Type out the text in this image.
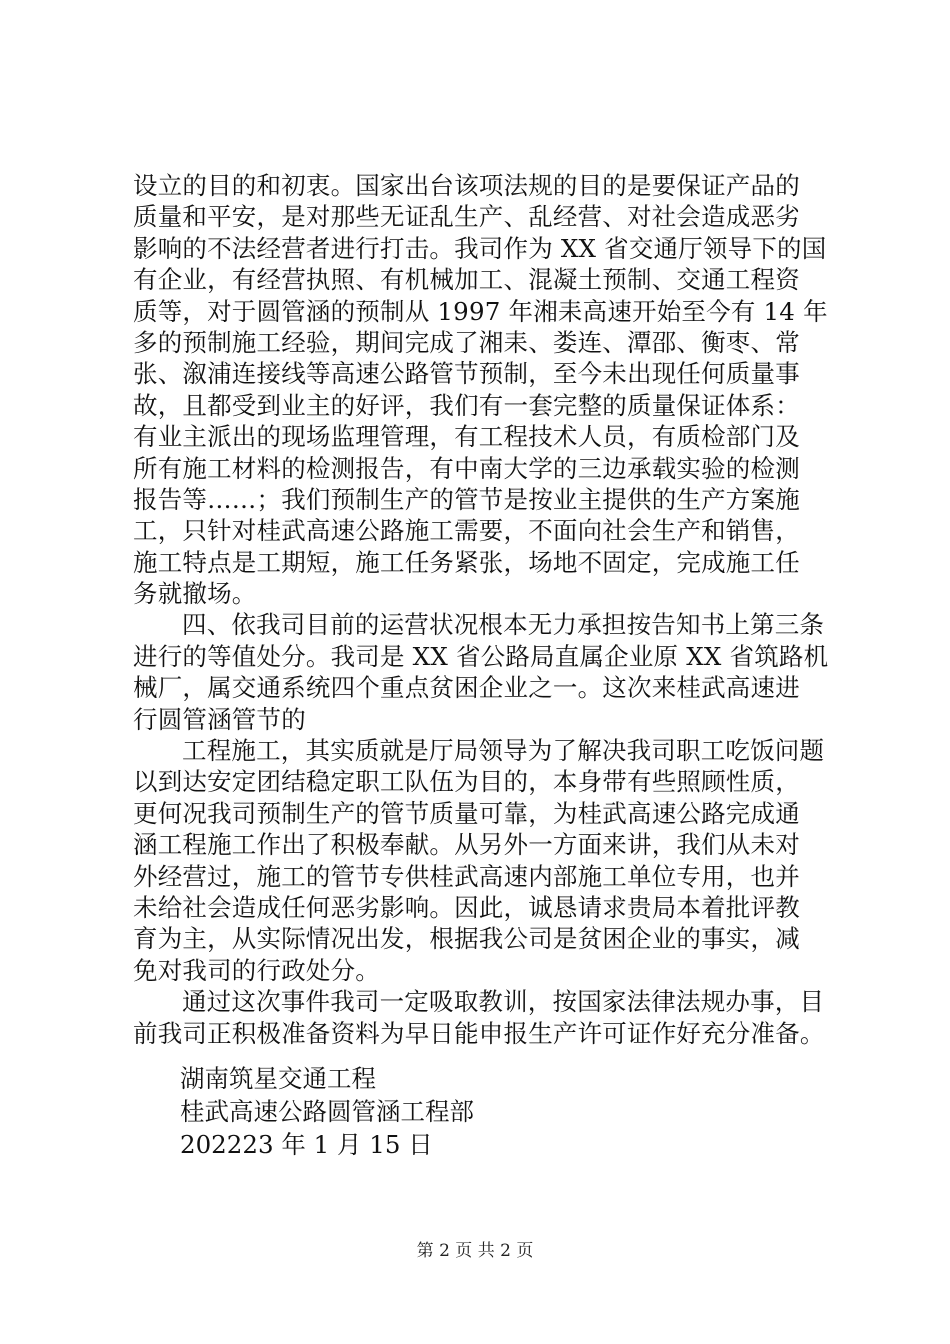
设立的目的和初衷。国家出台该项法规的目的是要保证产品的
质量和平安，是对那些无证乱生产、乱经营、对社会造成恶劣
影响的不法经营者进行打击。我司作为 XX 省交通厅领导下的国
有企业，有经营执照、有机械加工、混凝土预制、交通工程资
质等，对于圆管涵的预制从 1997 年湘耒高速开始至今有 14 年
多的预制施工经验，期间完成了湘耒、娄连、潭邵、衡枣、常
张、溆浦连接线等高速公路管节预制，至今未出现任何质量事
故，且都受到业主的好评，我们有一套完整的质量保证体系：
有业主派出的现场监理管理，有工程技术人员，有质检部门及
所有施工材料的检测报告，有中南大学的三边承载实验的检测
报告等……；我们预制生产的管节是按业主提供的生产方案施
工，只针对桂武高速公路施工需要，不面向社会生产和销售，
施工特点是工期短，施工任务紧张，场地不固定，完成施工任
务就撤场。
四、依我司目前的运营状况根本无力承担按告知书上第三条
进行的等值处分。我司是 XX 省公路局直属企业原 XX 省筑路机
械厂，属交通系统四个重点贫困企业之一。这次来桂武高速进
行圆管涵管节的
工程施工，其实质就是厅局领导为了解决我司职工吃饭问题
以到达安定团结稳定职工队伍为目的，本身带有些照顾性质，
更何况我司预制生产的管节质量可靠，为桂武高速公路完成通
涵工程施工作出了积极奉献。从另外一方面来讲，我们从未对
外经营过，施工的管节专供桂武高速内部施工单位专用，也并
未给社会造成任何恶劣影响。因此，诚恳请求贵局本着批评教
育为主，从实际情况出发，根据我公司是贫困企业的事实，减
免对我司的行政处分。
通过这次事件我司一定吸取教训，按国家法律法规办事，目
前我司正积极准备资料为早日能申报生产许可证作好充分准备。
湖南筑星交通工程
桂武高速公路圆管涵工程部
202223 年 1 月 15 日
第 2 页 共 2 页
